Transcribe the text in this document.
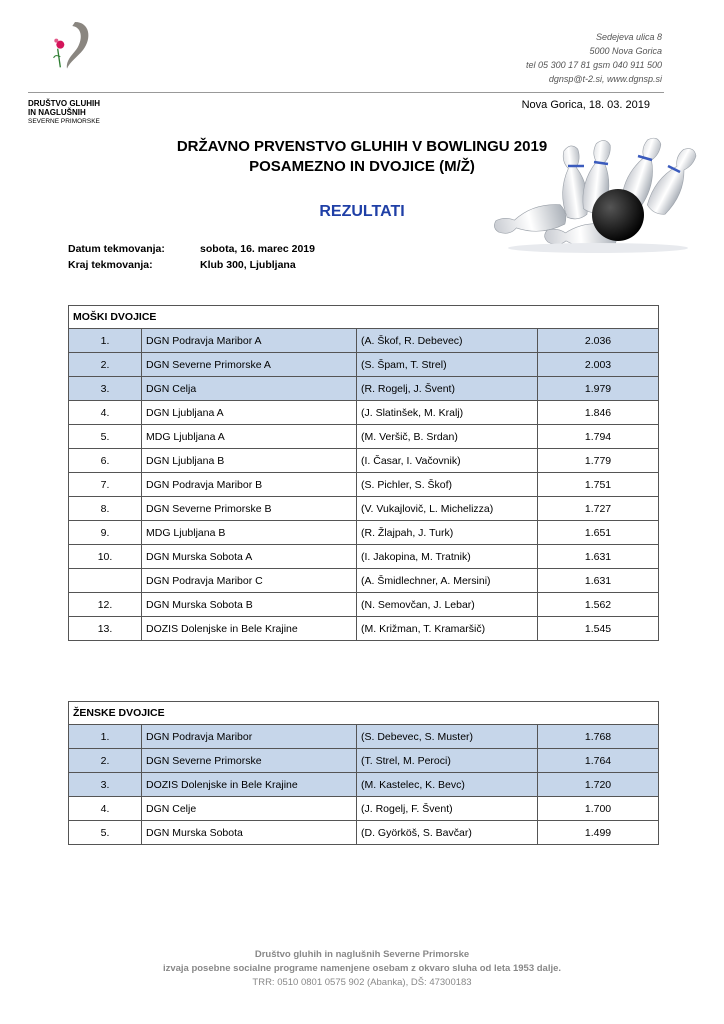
DRUŠTVO GLUHIH
IN NAGLUŠNIH
SEVERNE PRIMORSKE
Sedejeva ulica 8
5000 Nova Gorica
tel 05 300 17 81 gsm 040 911 500
dgnsp@t-2.si, www.dgnsp.si
Nova Gorica, 18. 03. 2019
DRŽAVNO PRVENSTVO GLUHIH V BOWLINGU 2019
POSAMEZNO IN DVOJICE (M/Ž)
REZULTATI
Datum tekmovanja:	sobota, 16. marec 2019
Kraj tekmovanja:	Klub 300, Ljubljana
MOŠKI DVOJICE			
1.	DGN Podravja Maribor A	(A. Škof, R. Debevec)	2.036
2.	DGN Severne Primorske A	(S. Špam, T. Strel)	2.003
3.	DGN Celja	(R. Rogelj, J. Švent)	1.979
4.	DGN Ljubljana A	(J. Slatinšek, M. Kralj)	1.846
5.	MDG Ljubljana A	(M. Veršič, B. Srdan)	1.794
6.	DGN Ljubljana B	(I. Časar, I. Vačovnik)	1.779
7.	DGN Podravja Maribor B	(S. Pichler, S. Škof)	1.751
8.	DGN Severne Primorske B	(V. Vukajlovič, L. Michelizza)	1.727
9.	MDG Ljubljana B	(R. Žlajpah, J. Turk)	1.651
10.	DGN Murska Sobota A	(I. Jakopina, M. Tratnik)	1.631
	DGN Podravja Maribor C	(A. Šmidlechner, A. Mersini)	1.631
12.	DGN Murska Sobota B	(N. Semovčan, J. Lebar)	1.562
13.	DOZIS Dolenjske in Bele Krajine	(M. Križman, T. Kramaršič)	1.545
ŽENSKE DVOJICE			
1.	DGN Podravja Maribor	(S. Debevec, S. Muster)	1.768
2.	DGN Severne Primorske	(T. Strel, M. Peroci)	1.764
3.	DOZIS Dolenjske in Bele Krajine	(M. Kastelec, K. Bevc)	1.720
4.	DGN Celje	(J. Rogelj, F. Švent)	1.700
5.	DGN Murska Sobota	(D. Györköš, S. Bavčar)	1.499
Društvo gluhih in naglušnih Severne Primorske
izvaja posebne socialne programe namenjene osebam z okvaro sluha od leta 1953 dalje.
TRR: 0510 0801 0575 902 (Abanka), DŠ: 47300183
